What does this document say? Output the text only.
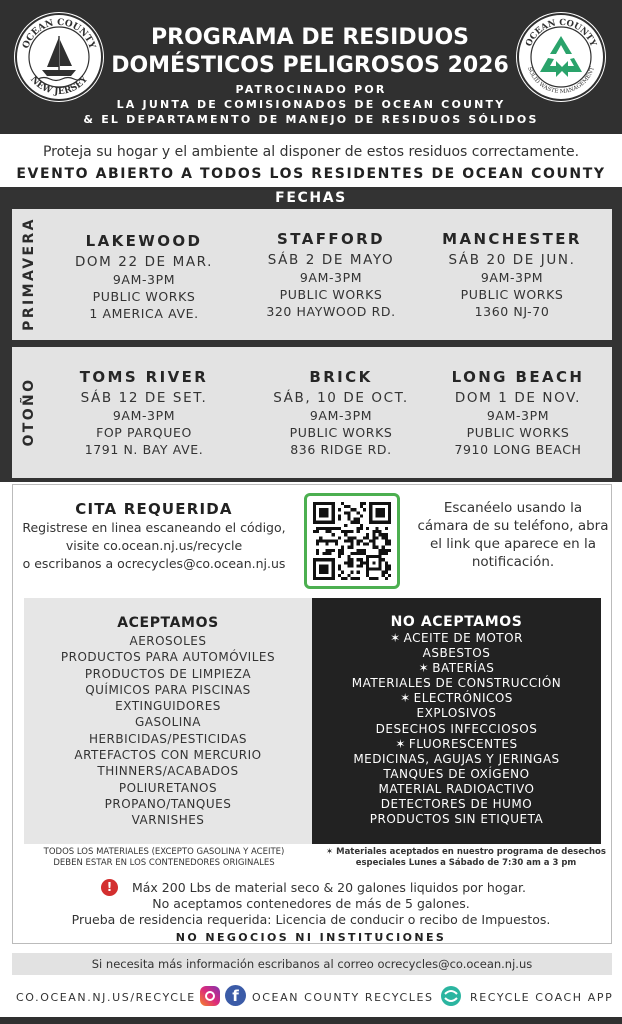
OCEAN COUNTY
NEW JERSEY
PROGRAMA DE RESIDUOS
DOMÉSTICOS PELIGROSOS 2026
PATROCINADO POR
LA JUNTA DE COMISIONADOS DE OCEAN COUNTY
& EL DEPARTAMENTO DE MANEJO DE RESIDUOS SÓLIDOS
OCEAN COUNTY
SOLID WASTE MANAGEMENT
Proteja su hogar y el ambiente al disponer de estos residuos correctamente.
EVENTO ABIERTO A TODOS LOS RESIDENTES DE OCEAN COUNTY
FECHAS
PRIMAVERA	LAKEWOOD
DOM 22 DE MAR.
9AM-3PM
PUBLIC WORKS
1 AMERICA AVE.
STAFFORD
SÁB 2 DE MAYO
9AM-3PM
PUBLIC WORKS
320 HAYWOOD RD.
MANCHESTER
SÁB 20 DE JUN.
9AM-3PM
PUBLIC WORKS
1360 NJ-70
OTOÑO
TOMS RIVER
SÁB 12 DE SET.
9AM-3PM
FOP PARQUEO
1791 N. BAY AVE.
BRICK
SÁB, 10 DE OCT.
9AM-3PM
PUBLIC WORKS
836 RIDGE RD.
LONG BEACH
DOM 1 DE NOV.
9AM-3PM
PUBLIC WORKS
7910 LONG BEACH
CITA REQUERIDA
Registrese en linea escaneando el código,
visite co.ocean.nj.us/recycle
o escribanos a ocrecycles@co.ocean.nj.us
Escanéelo usando la
cámara de su teléfono, abra
el link que aparece en la
notificación.
ACEPTAMOS
AEROSOLES
PRODUCTOS PARA AUTOMÓVILES
PRODUCTOS DE LIMPIEZA
QUÍMICOS PARA PISCINAS
EXTINGUIDORES
GASOLINA
HERBICIDAS/PESTICIDAS
ARTEFACTOS CON MERCURIO
THINNERS/ACABADOS
POLIURETANOS
PROPANO/TANQUES
VARNISHES
NO ACEPTAMOS
✶ ACEITE DE MOTOR
ASBESTOS
✶ BATERÍAS
MATERIALES DE CONSTRUCCIÓN
✶ ELECTRÓNICOS
EXPLOSIVOS
DESECHOS INFECCIOSOS
✶ FLUORESCENTES
MEDICINAS, AGUJAS Y JERINGAS
TANQUES DE OXÍGENO
MATERIAL RADIOACTIVO
DETECTORES DE HUMO
PRODUCTOS SIN ETIQUETA
TODOS LOS MATERIALES (EXCEPTO GASOLINA Y ACEITE)
DEBEN ESTAR EN LOS CONTENEDORES ORIGINALES
✶ Materiales aceptados en nuestro programa de desechos
especiales Lunes a Sábado de 7:30 am a 3 pm
!	Máx 200 Lbs de material seco & 20 galones liquidos por hogar.
No aceptamos contenedores de más de 5 galones.
Prueba de residencia requerida: Licencia de conducir o recibo de Impuestos.
NO NEGOCIOS NI INSTITUCIONES
Si necesita más información escribanos al correo ocrecycles@co.ocean.nj.us
CO.OCEAN.NJ.US/RECYCLE	f	OCEAN COUNTY RECYCLES	RECYCLE COACH APP
